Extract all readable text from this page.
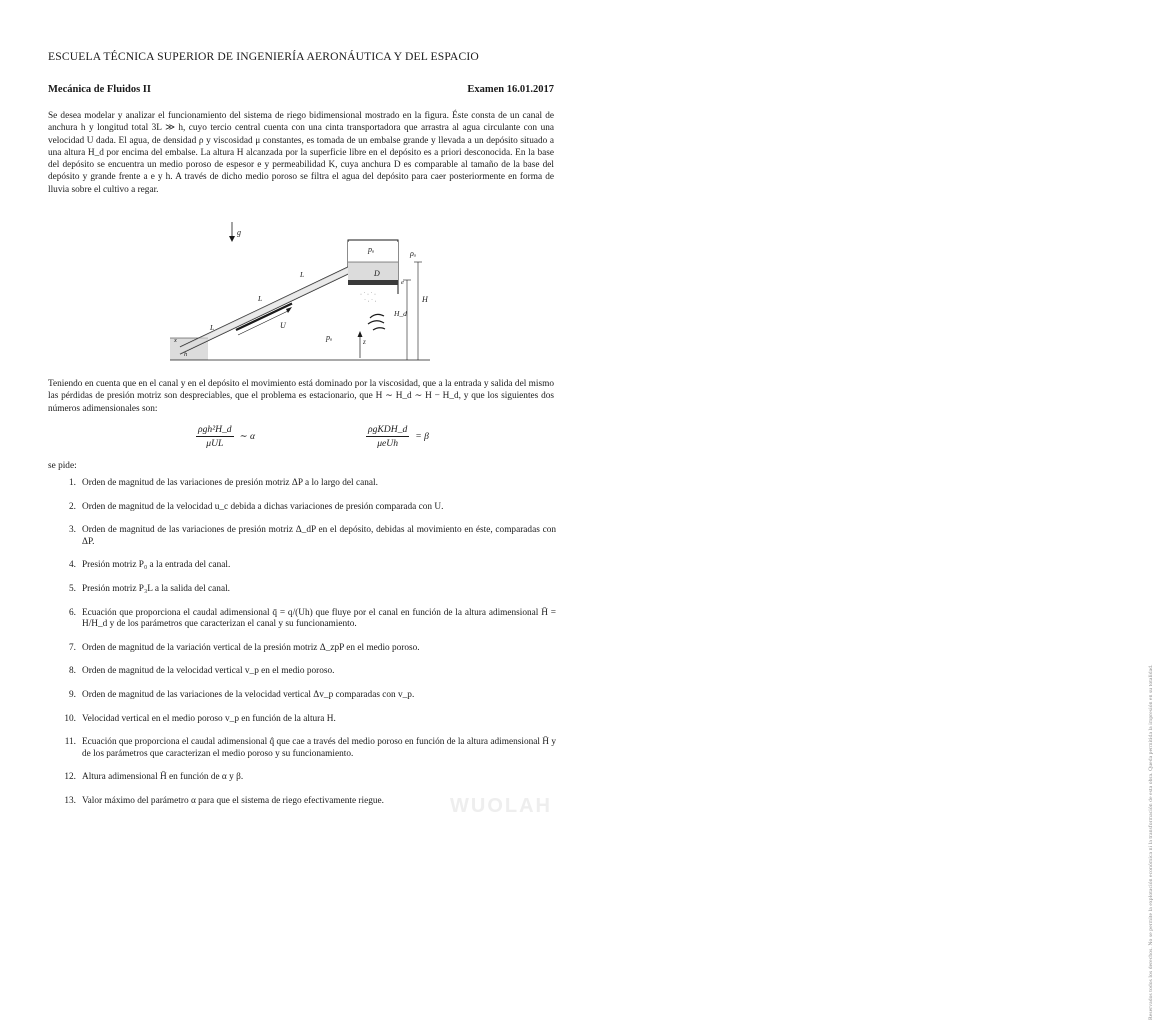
ESCUELA TÉCNICA SUPERIOR DE INGENIERÍA AERONÁUTICA Y DEL ESPACIO
Mecánica de Fluidos II	Examen 16.01.2017

Se desea modelar y analizar el funcionamiento del sistema de riego bidimensional mostrado en la figura. Éste consta de un canal de anchura h y longitud total 3L ≫ h, cuyo tercio central cuenta con una cinta transportadora que arrastra al agua circulante con una velocidad U dada. El agua, de densidad ρ y viscosidad μ constantes, es tomada de un embalse grande y llevada a un depósito situado a una altura H_d por encima del embalse. La altura H alcanzada por la superficie libre en el depósito es a priori desconocida. En la base del depósito se encuentra un medio poroso de espesor e y permeabilidad K, cuya anchura D es comparable al tamaño de la base del depósito y grande frente a e y h. A través de dicho medio poroso se filtra el agua del depósito para caer posteriormente en forma de lluvia sobre el cultivo a regar.

g
U
L
L
L
h
x
pₐ
D
e
· ˙ · ˙ ·
˙ · ˙ ·
ρₐ
H
H_d
pₐ	z

Teniendo en cuenta que en el canal y en el depósito el movimiento está dominado por la viscosidad, que a la entrada y salida del mismo las pérdidas de presión motriz son despreciables, que el problema es estacionario, que H ∼ H_d ∼ H − H_d, y que los siguientes dos números adimensionales son:

$\frac{\text{ρgh²H\_d}}{\text{μUL}}$ ∼ α	$\frac{\text{ρgKDH\_d}}{\text{μeUh}} = \beta$
se pide:
1. Orden de magnitud de las variaciones de presión motriz ΔP a lo largo del canal.
2. Orden de magnitud de la velocidad u_c debida a dichas variaciones de presión comparada con U.
3. Orden de magnitud de las variaciones de presión motriz Δ_dP en el depósito, debidas al movimiento en éste, comparadas con ΔP.
4. Presión motriz P₀ a la entrada del canal.
5. Presión motriz P₃L a la salida del canal.
6. Ecuación que proporciona el caudal adimensional q̄ = q/(Uh) que fluye por el canal en función de la altura adimensional H̄ = H/H_d y de los parámetros que caracterizan el canal y su funcionamiento.
7. Orden de magnitud de la variación vertical de la presión motriz Δ_zpP en el medio poroso.
8. Orden de magnitud de la velocidad vertical v_p en el medio poroso.
9. Orden de magnitud de las variaciones de la velocidad vertical Δv_p comparadas con v_p.
10. Velocidad vertical en el medio poroso v_p en función de la altura H.
11. Ecuación que proporciona el caudal adimensional q̂ que cae a través del medio poroso en función de la altura adimensional H̄ y de los parámetros que caracterizan el medio poroso y su funcionamiento.
12. Altura adimensional H̄ en función de α y β.
13. Valor máximo del parámetro α para que el sistema de riego efectivamente riegue.	Reservados todos los derechos. No se permite la explotación económica ni la transformación de esta obra. Queda permitida la impresión en su totalidad.
WUOLAH
